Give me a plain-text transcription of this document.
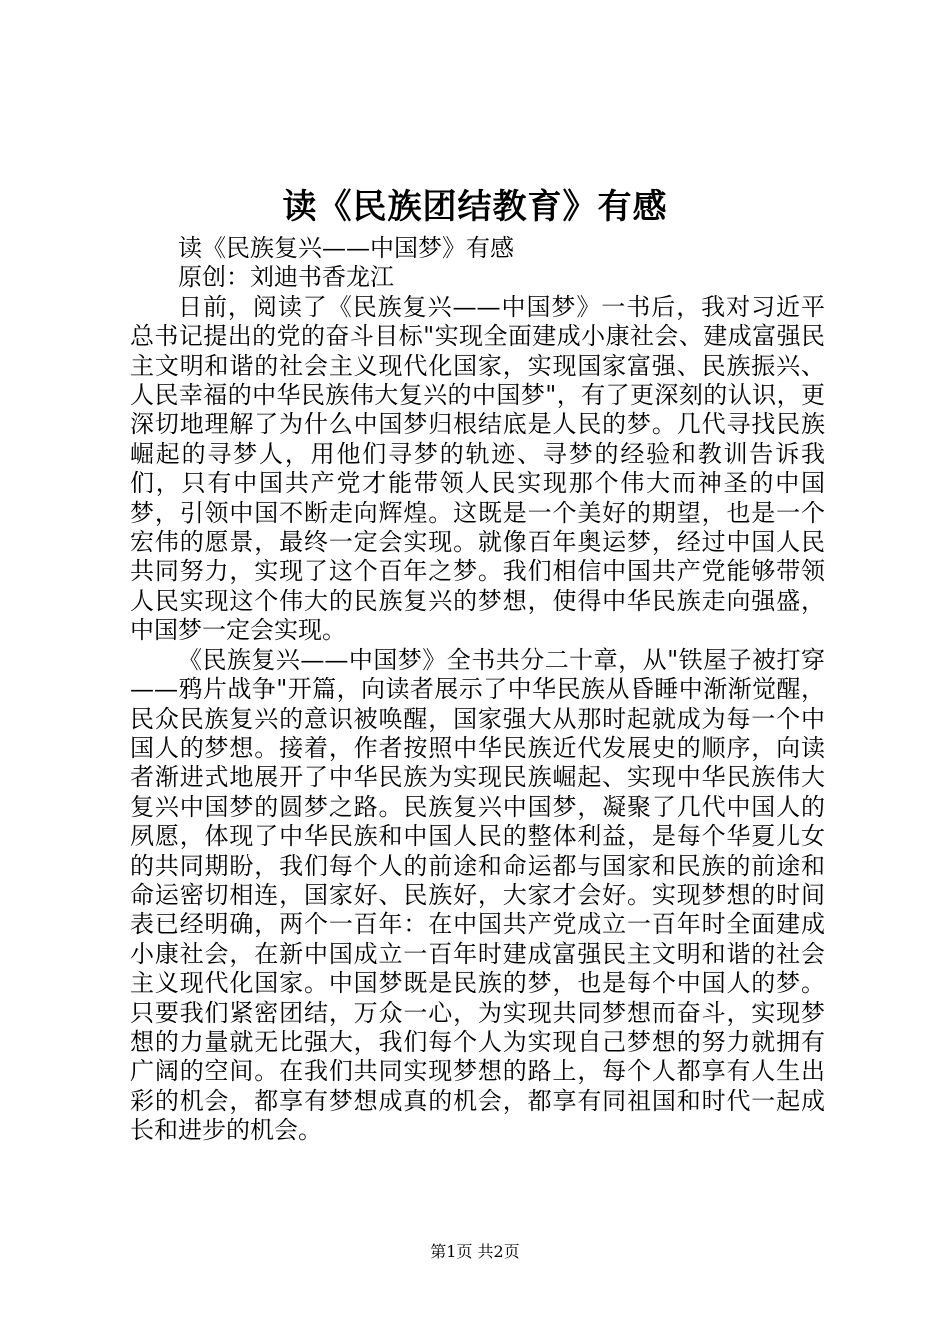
读《民族团结教育》有感

读《民族复兴——中国梦》有感

原创：刘迪书香龙江

日前，阅读了《民族复兴——中国梦》一书后，我对习近平总书记提出的党的奋斗目标"实现全面建成小康社会、建成富强民主文明和谐的社会主义现代化国家，实现国家富强、民族振兴、人民幸福的中华民族伟大复兴的中国梦"，有了更深刻的认识，更深切地理解了为什么中国梦归根结底是人民的梦。几代寻找民族崛起的寻梦人，用他们寻梦的轨迹、寻梦的经验和教训告诉我们，只有中国共产党才能带领人民实现那个伟大而神圣的中国梦，引领中国不断走向辉煌。这既是一个美好的期望，也是一个宏伟的愿景，最终一定会实现。就像百年奥运梦，经过中国人民共同努力，实现了这个百年之梦。我们相信中国共产党能够带领人民实现这个伟大的民族复兴的梦想，使得中华民族走向强盛，中国梦一定会实现。

《民族复兴——中国梦》全书共分二十章，从"铁屋子被打穿——鸦片战争"开篇，向读者展示了中华民族从昏睡中渐渐觉醒，民众民族复兴的意识被唤醒，国家强大从那时起就成为每一个中国人的梦想。接着，作者按照中华民族近代发展史的顺序，向读者渐进式地展开了中华民族为实现民族崛起、实现中华民族伟大复兴中国梦的圆梦之路。民族复兴中国梦，凝聚了几代中国人的夙愿，体现了中华民族和中国人民的整体利益，是每个华夏儿女的共同期盼，我们每个人的前途和命运都与国家和民族的前途和命运密切相连，国家好、民族好，大家才会好。实现梦想的时间表已经明确，两个一百年：在中国共产党成立一百年时全面建成小康社会，在新中国成立一百年时建成富强民主文明和谐的社会主义现代化国家。中国梦既是民族的梦，也是每个中国人的梦。只要我们紧密团结，万众一心，为实现共同梦想而奋斗，实现梦想的力量就无比强大，我们每个人为实现自己梦想的努力就拥有广阔的空间。在我们共同实现梦想的路上，每个人都享有人生出彩的机会，都享有梦想成真的机会，都享有同祖国和时代一起成长和进步的机会。

第1页 共2页
